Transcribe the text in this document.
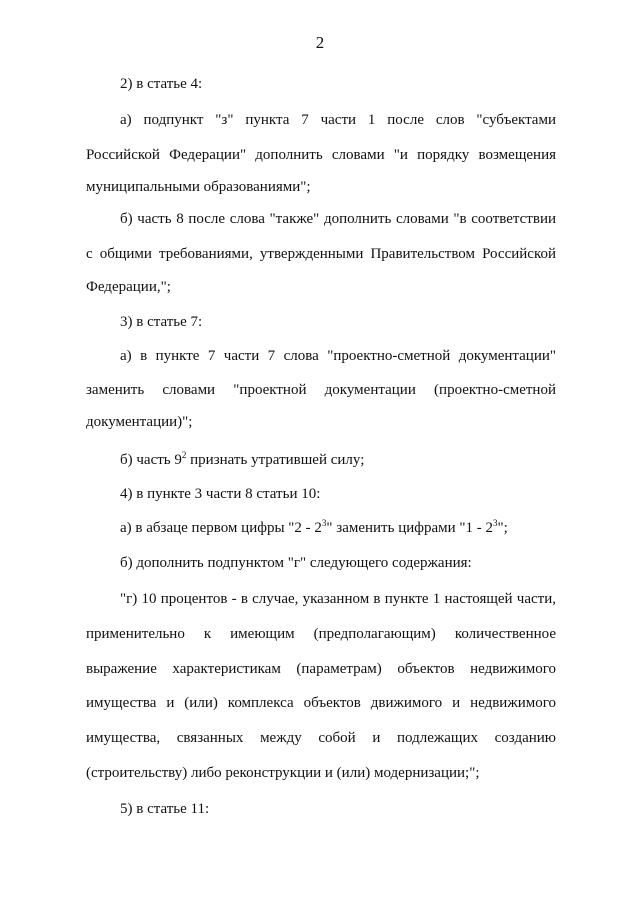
2
2) в статье 4:
а) подпункт "з" пункта 7 части 1 после слов "субъектами
Российской Федерации" дополнить словами "и порядку возмещения
муниципальными образованиями";
б) часть 8 после слова "также" дополнить словами "в соответствии
с общими требованиями, утвержденными Правительством Российской
Федерации,";
3) в статье 7:
а) в пункте 7 части 7 слова "проектно-сметной документации"
заменить словами "проектной документации (проектно-сметной
документации)";
б) часть $9^2$ признать утратившей силу;
4) в пункте 3 части 8 статьи 10:
а) в абзаце первом цифры "$2 - 2^3$" заменить цифрами "$1 - 2^3$";
б) дополнить подпунктом "г" следующего содержания:
"г) 10 процентов - в случае, указанном в пункте 1 настоящей части,
применительно к имеющим (предполагающим) количественное
выражение характеристикам (параметрам) объектов недвижимого
имущества и (или) комплекса объектов движимого и недвижимого
имущества, связанных между собой и подлежащих созданию
(строительству) либо реконструкции и (или) модернизации;";
5) в статье 11:
